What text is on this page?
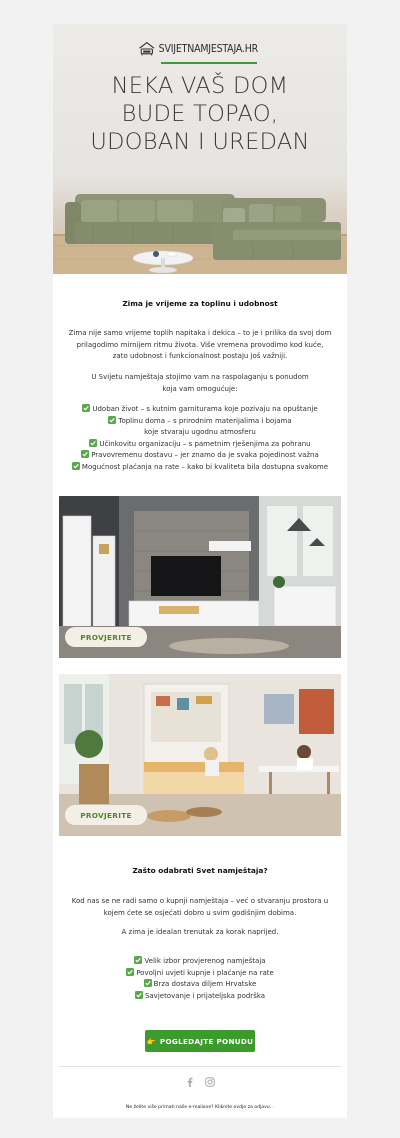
SVIJETNAMJESTAJA.HR
NEKA VAŠ DOM
BUDE TOPAO,
UDOBAN I UREDAN
Zima je vrijeme za toplinu i udobnost
Zima nije samo vrijeme toplih napitaka i dekica – to je i prilika da svoj dom
prilagodimo mirnijem ritmu života. Više vremena provodimo kod kuće,
zato udobnost i funkcionalnost postaju još važniji.
U Svijetu namještaja stojimo vam na raspolaganju s ponudom
koja vam omogućuje:
Udoban život – s kutnim garniturama koje pozivaju na opuštanje
Toplinu doma – s prirodnim materijalima i bojama
koje stvaraju ugodnu atmosferu
Učinkovitu organizaciju – s pametnim rješenjima za pohranu
Pravovremenu dostavu – jer znamo da je svaka pojedinost važna
Mogućnost plaćanja na rate – kako bi kvaliteta bila dostupna svakome
PROVJERITE
PROVJERITE
Zašto odabrati Svet namještaja?
Kod nas se ne radi samo o kupnji namještaja – već o stvaranju prostora u
kojem ćete se osjećati dobro u svim godišnjim dobima.
A zima je idealan trenutak za korak naprijed.
Velik izbor provjerenog namještaja
Povoljni uvjeti kupnje i plaćanje na rate
Brza dostava diljem Hrvatske
Savjetovanje i prijateljska podrška
👉 POGLEDAJTE PONUDU
Ne želite više primati naše e-mailove? Kliknite ovdje za odjavu. .
